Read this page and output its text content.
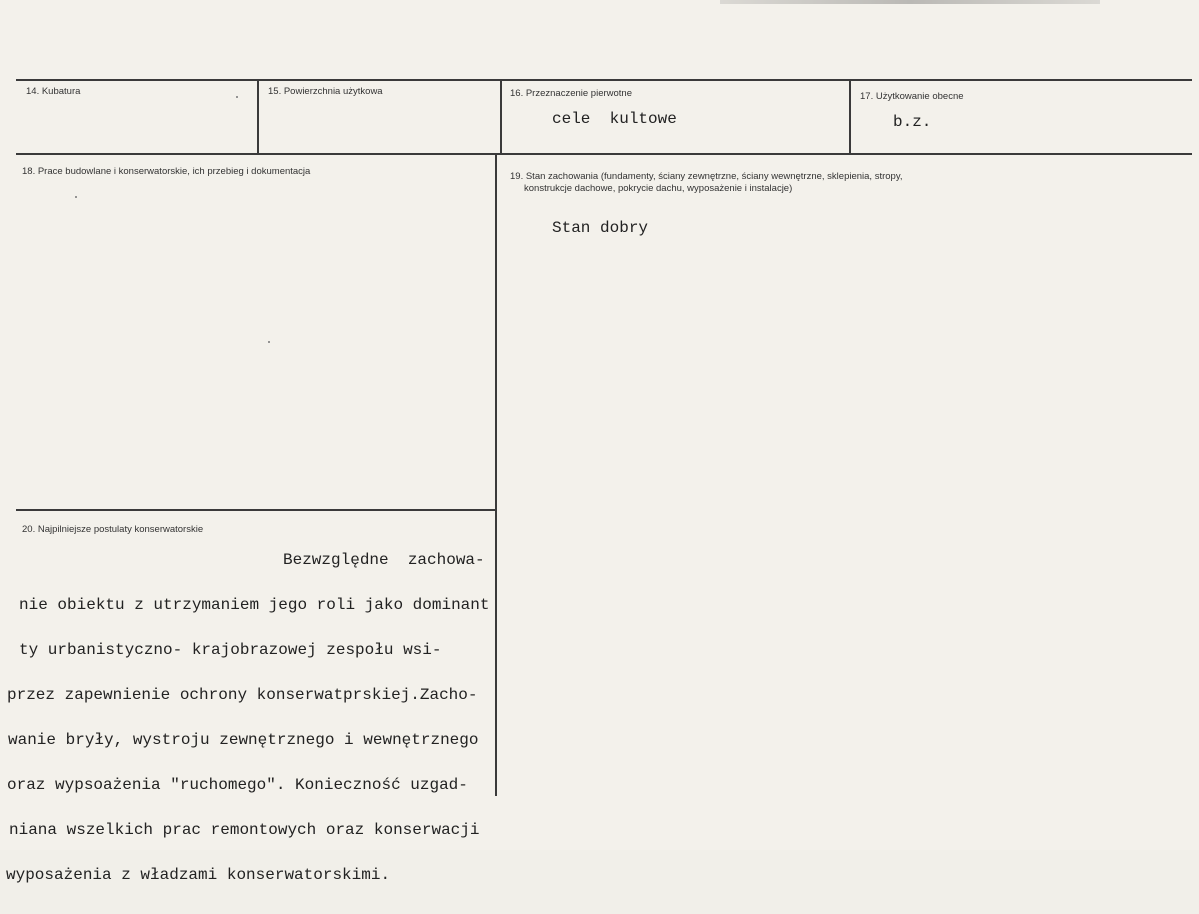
14. Kubatura	15. Powierzchnia użytkowa	16. Przeznaczenie pierwotne
cele  kultowe
17. Użytkowanie obecne
b.z.
18. Prace budowlane i konserwatorskie, ich przebieg i dokumentacja	19. Stan zachowania (fundamenty, ściany zewnętrzne, ściany wewnętrzne, sklepienia, stropy,
konstrukcje dachowe, pokrycie dachu, wyposażenie i instalacje)
Stan dobry
20. Najpilniejsze postulaty konserwatorskie

Bezwzględne  zachowa-

nie obiektu z utrzymaniem jego roli jako dominant

ty urbanistyczno- krajobrazowej zespołu wsi-

przez zapewnienie ochrony konserwatprskiej.Zacho-

wanie bryły, wystroju zewnętrznego i wewnętrznego

oraz wypsoażenia "ruchomego". Konieczność uzgad-

niana wszelkich prac remontowych oraz konserwacji

wyposażenia z władzami konserwatorskimi.
